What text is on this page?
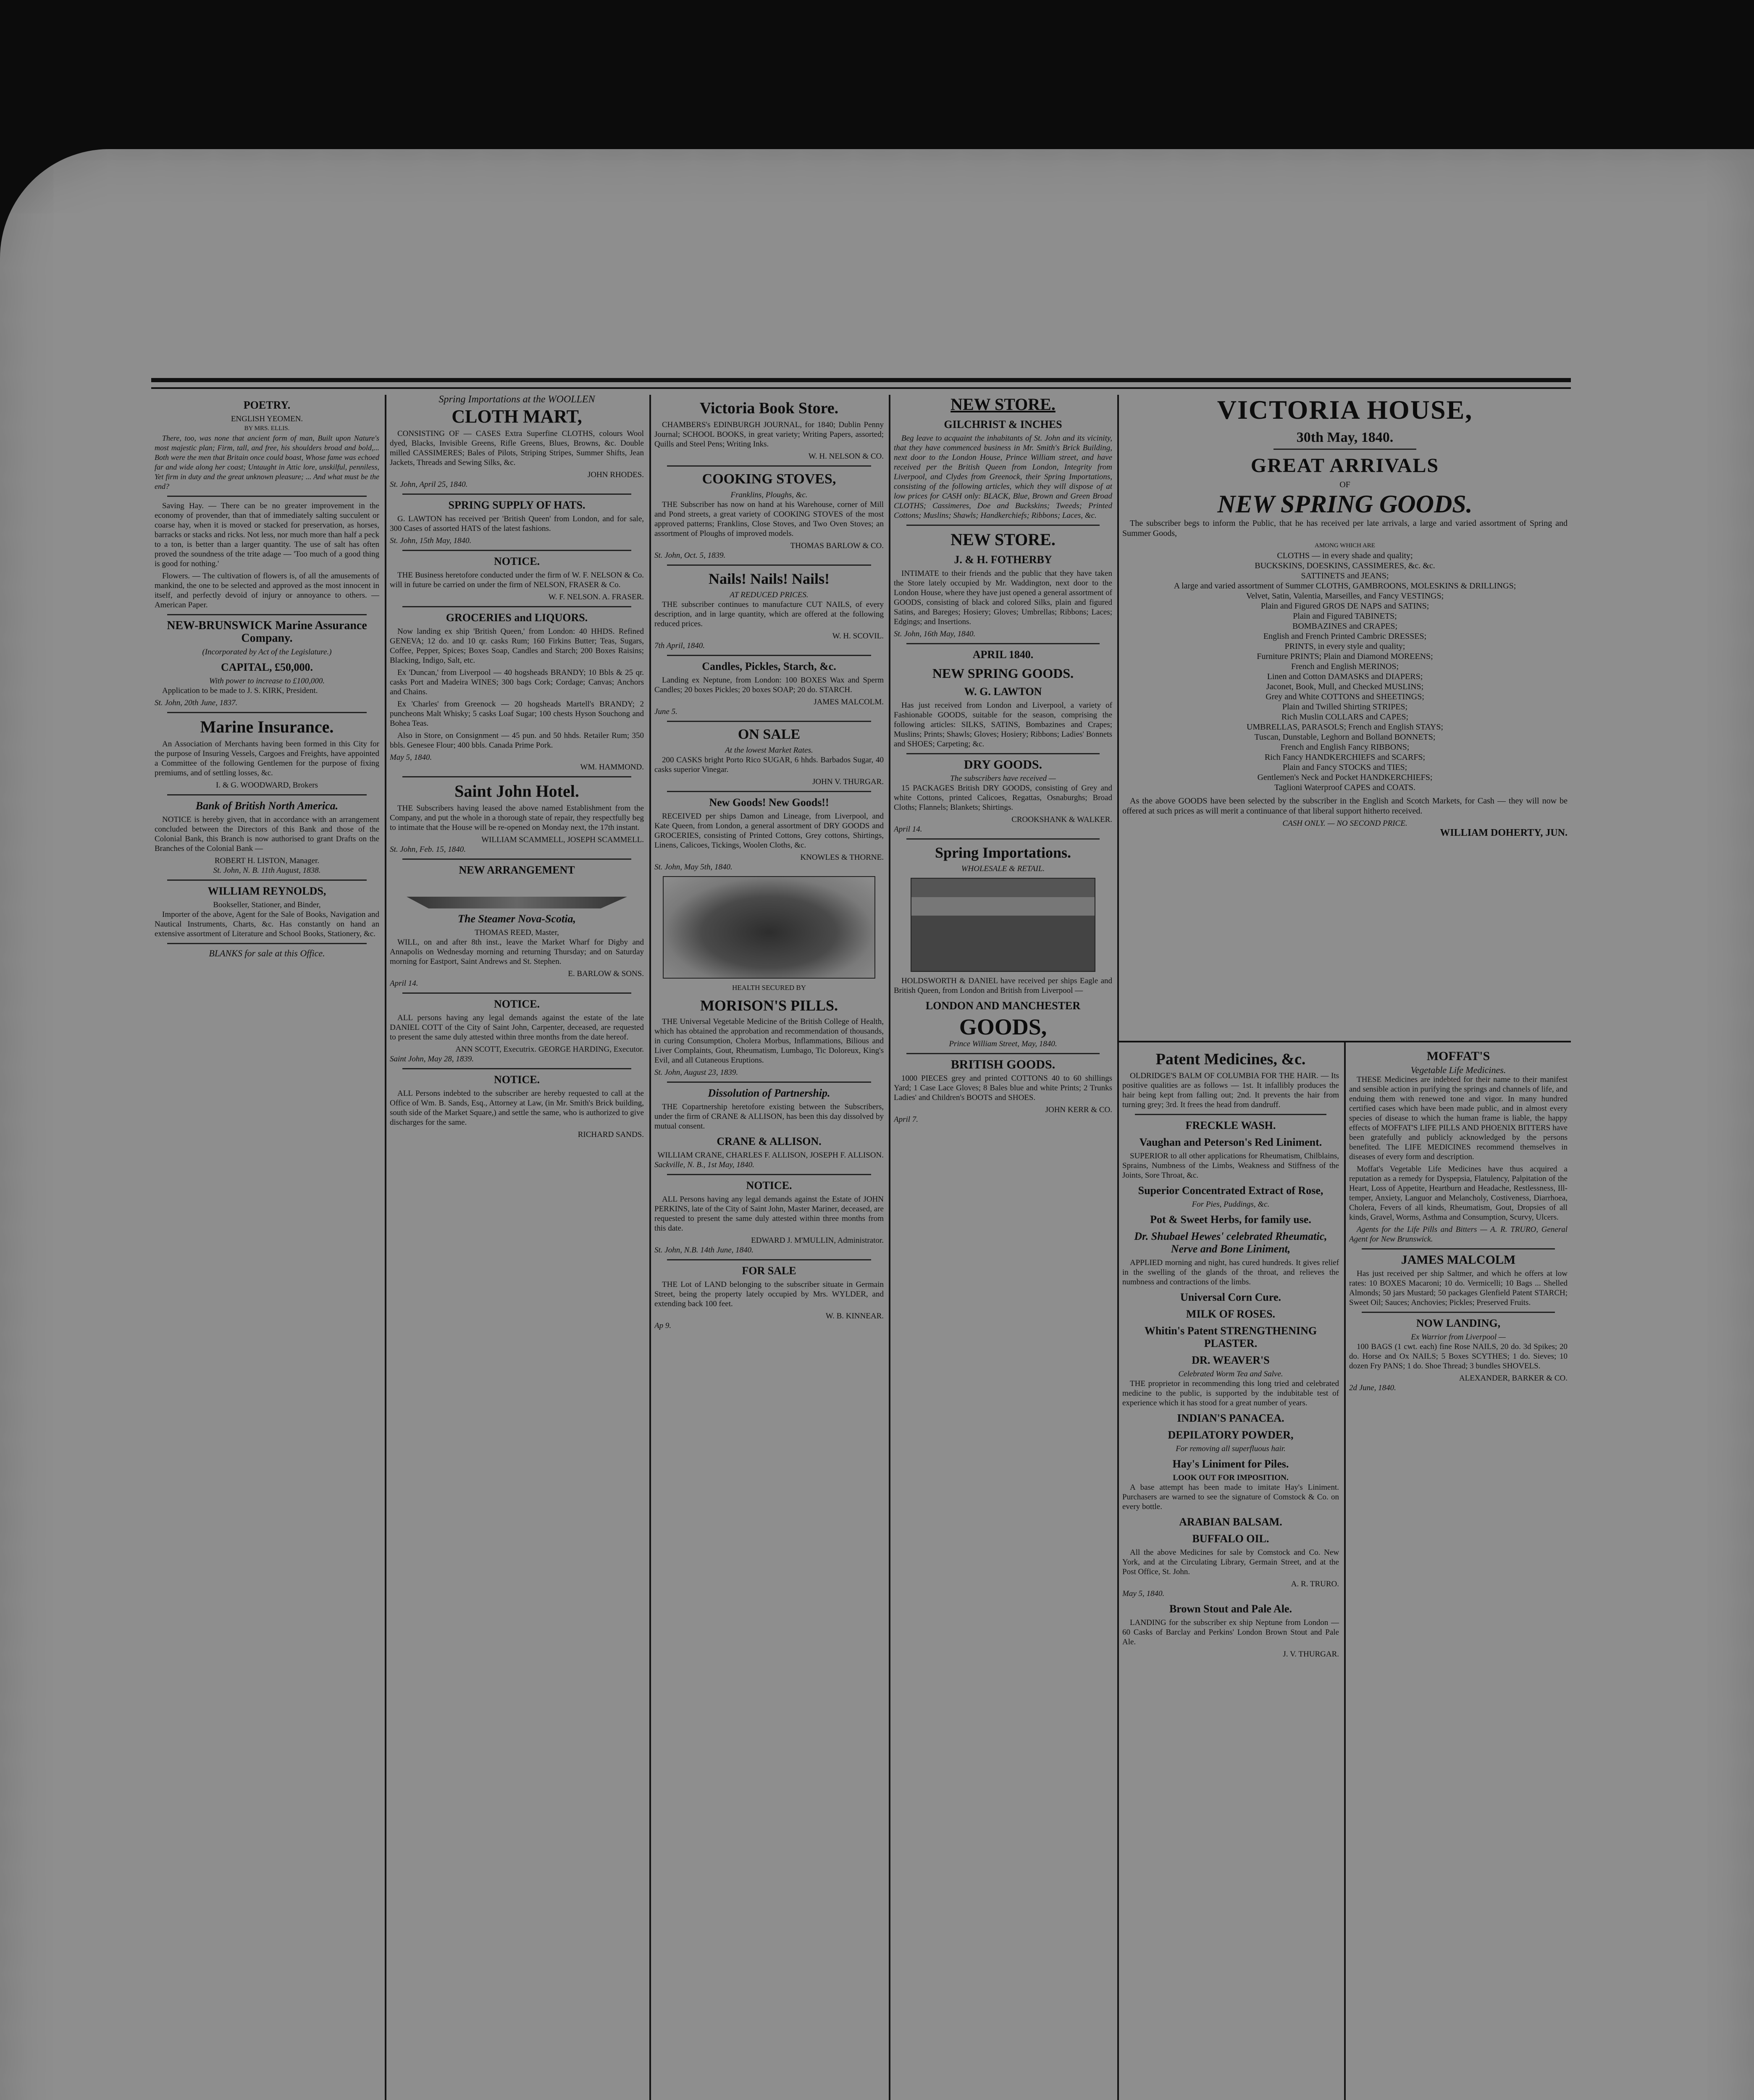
POETRY.
ENGLISH YEOMEN.
BY MRS. ELLIS.

There, too, was none that ancient form of man, Built upon Nature's most majestic plan; Firm, tall, and free, his shoulders broad and bold,... Both were the men that Britain once could boast, Whose fame was echoed far and wide along her coast; Untaught in Attic lore, unskilful, penniless, Yet firm in duty and the great unknown pleasure; ... And what must be the end?

Saving Hay. — There can be no greater improvement in the economy of provender, than that of immediately salting succulent or coarse hay, when it is moved or stacked for preservation, as horses, barracks or stacks and ricks. Not less, nor much more than half a peck to a ton, is better than a larger quantity. The use of salt has often proved the soundness of the trite adage — 'Too much of a good thing is good for nothing.'

Flowers. — The cultivation of flowers is, of all the amusements of mankind, the one to be selected and approved as the most innocent in itself, and perfectly devoid of injury or annoyance to others. — American Paper.

NEW-BRUNSWICK Marine Assurance Company.
(Incorporated by Act of the Legislature.)
CAPITAL, £50,000.
With power to increase to £100,000.

Application to be made to J. S. KIRK, President.

St. John, 20th June, 1837.
Marine Insurance.

An Association of Merchants having been formed in this City for the purpose of Insuring Vessels, Cargoes and Freights, have appointed a Committee of the following Gentlemen for the purpose of fixing premiums, and of settling losses, &c.

I. & G. WOODWARD, Brokers
Bank of British North America.

NOTICE is hereby given, that in accordance with an arrangement concluded between the Directors of this Bank and those of the Colonial Bank, this Branch is now authorised to grant Drafts on the Branches of the Colonial Bank —

ROBERT H. LISTON, Manager.
St. John, N. B. 11th August, 1838.
WILLIAM REYNOLDS,
Bookseller, Stationer, and Binder,

Importer of the above, Agent for the Sale of Books, Navigation and Nautical Instruments, Charts, &c. Has constantly on hand an extensive assortment of Literature and School Books, Stationery, &c.

BLANKS for sale at this Office.
Spring Importations at the WOOLLEN
CLOTH MART,

CONSISTING OF — CASES Extra Superfine CLOTHS, colours Wool dyed, Blacks, Invisible Greens, Rifle Greens, Blues, Browns, &c. Double milled CASSIMERES; Bales of Pilots, Striping Stripes, Summer Shifts, Jean Jackets, Threads and Sewing Silks, &c.

JOHN RHODES.
St. John, April 25, 1840.
SPRING SUPPLY OF HATS.

G. LAWTON has received per 'British Queen' from London, and for sale, 300 Cases of assorted HATS of the latest fashions.

St. John, 15th May, 1840.
NOTICE.

THE Business heretofore conducted under the firm of W. F. NELSON & Co. will in future be carried on under the firm of NELSON, FRASER & Co.

W. F. NELSON. A. FRASER.
GROCERIES and LIQUORS.

Now landing ex ship 'British Queen,' from London: 40 HHDS. Refined GENEVA; 12 do. and 10 qr. casks Rum; 160 Firkins Butter; Teas, Sugars, Coffee, Pepper, Spices; Boxes Soap, Candles and Starch; 200 Boxes Raisins; Blacking, Indigo, Salt, etc.

Ex 'Duncan,' from Liverpool — 40 hogsheads BRANDY; 10 Bbls & 25 qr. casks Port and Madeira WINES; 300 bags Cork; Cordage; Canvas; Anchors and Chains.

Ex 'Charles' from Greenock — 20 hogsheads Martell's BRANDY; 2 puncheons Malt Whisky; 5 casks Loaf Sugar; 100 chests Hyson Souchong and Bohea Teas.

Also in Store, on Consignment — 45 pun. and 50 hhds. Retailer Rum; 350 bbls. Genesee Flour; 400 bbls. Canada Prime Pork.

May 5, 1840.
WM. HAMMOND.
Saint John Hotel.

THE Subscribers having leased the above named Establishment from the Company, and put the whole in a thorough state of repair, they respectfully beg to intimate that the House will be re-opened on Monday next, the 17th instant.

WILLIAM SCAMMELL, JOSEPH SCAMMELL.
St. John, Feb. 15, 1840.
NEW ARRANGEMENT
The Steamer Nova-Scotia,
THOMAS REED, Master,

WILL, on and after 8th inst., leave the Market Wharf for Digby and Annapolis on Wednesday morning and returning Thursday; and on Saturday morning for Eastport, Saint Andrews and St. Stephen.

E. BARLOW & SONS.
April 14.
NOTICE.

ALL persons having any legal demands against the estate of the late DANIEL COTT of the City of Saint John, Carpenter, deceased, are requested to present the same duly attested within three months from the date hereof.

ANN SCOTT, Executrix. GEORGE HARDING, Executor.
Saint John, May 28, 1839.
NOTICE.

ALL Persons indebted to the subscriber are hereby requested to call at the Office of Wm. B. Sands, Esq., Attorney at Law, (in Mr. Smith's Brick building, south side of the Market Square,) and settle the same, who is authorized to give discharges for the same.

RICHARD SANDS.
Victoria Book Store.

CHAMBERS's EDINBURGH JOURNAL, for 1840; Dublin Penny Journal; SCHOOL BOOKS, in great variety; Writing Papers, assorted; Quills and Steel Pens; Writing Inks.

W. H. NELSON & CO.
COOKING STOVES,
Franklins, Ploughs, &c.

THE Subscriber has now on hand at his Warehouse, corner of Mill and Pond streets, a great variety of COOKING STOVES of the most approved patterns; Franklins, Close Stoves, and Two Oven Stoves; an assortment of Ploughs of improved models.

THOMAS BARLOW & CO.
St. John, Oct. 5, 1839.
Nails! Nails! Nails!
AT REDUCED PRICES.

THE subscriber continues to manufacture CUT NAILS, of every description, and in large quantity, which are offered at the following reduced prices.

W. H. SCOVIL.
7th April, 1840.
Candles, Pickles, Starch, &c.

Landing ex Neptune, from London: 100 BOXES Wax and Sperm Candles; 20 boxes Pickles; 20 boxes SOAP; 20 do. STARCH.

JAMES MALCOLM.
June 5.
ON SALE
At the lowest Market Rates.

200 CASKS bright Porto Rico SUGAR, 6 hhds. Barbados Sugar, 40 casks superior Vinegar.

JOHN V. THURGAR.
New Goods! New Goods!!

RECEIVED per ships Damon and Lineage, from Liverpool, and Kate Queen, from London, a general assortment of DRY GOODS and GROCERIES, consisting of Printed Cottons, Grey cottons, Shirtings, Linens, Calicoes, Tickings, Woolen Cloths, &c.

KNOWLES & THORNE.
St. John, May 5th, 1840.
HEALTH SECURED BY
MORISON'S PILLS.

THE Universal Vegetable Medicine of the British College of Health, which has obtained the approbation and recommendation of thousands, in curing Consumption, Cholera Morbus, Inflammations, Bilious and Liver Complaints, Gout, Rheumatism, Lumbago, Tic Doloreux, King's Evil, and all Cutaneous Eruptions.

St. John, August 23, 1839.
Dissolution of Partnership.

THE Copartnership heretofore existing between the Subscribers, under the firm of CRANE & ALLISON, has been this day dissolved by mutual consent.

CRANE & ALLISON.
WILLIAM CRANE, CHARLES F. ALLISON, JOSEPH F. ALLISON.
Sackville, N. B., 1st May, 1840.
NOTICE.

ALL Persons having any legal demands against the Estate of JOHN PERKINS, late of the City of Saint John, Master Mariner, deceased, are requested to present the same duly attested within three months from this date.

EDWARD J. M'MULLIN, Administrator.
St. John, N.B. 14th June, 1840.
FOR SALE

THE Lot of LAND belonging to the subscriber situate in Germain Street, being the property lately occupied by Mrs. WYLDER, and extending back 100 feet.

W. B. KINNEAR.
Ap 9.
NEW STORE.
GILCHRIST & INCHES

Beg leave to acquaint the inhabitants of St. John and its vicinity, that they have commenced business in Mr. Smith's Brick Building, next door to the London House, Prince William street, and have received per the British Queen from London, Integrity from Liverpool, and Clydes from Greenock, their Spring Importations, consisting of the following articles, which they will dispose of at low prices for CASH only: BLACK, Blue, Brown and Green Broad CLOTHS; Cassimeres, Doe and Buckskins; Tweeds; Printed Cottons; Muslins; Shawls; Handkerchiefs; Ribbons; Laces, &c.

NEW STORE.
J. & H. FOTHERBY

INTIMATE to their friends and the public that they have taken the Store lately occupied by Mr. Waddington, next door to the London House, where they have just opened a general assortment of GOODS, consisting of black and colored Silks, plain and figured Satins, and Bareges; Hosiery; Gloves; Umbrellas; Ribbons; Laces; Edgings; and Insertions.

St. John, 16th May, 1840.
APRIL 1840.
NEW SPRING GOODS.
W. G. LAWTON

Has just received from London and Liverpool, a variety of Fashionable GOODS, suitable for the season, comprising the following articles: SILKS, SATINS, Bombazines and Crapes; Muslins; Prints; Shawls; Gloves; Hosiery; Ribbons; Ladies' Bonnets and SHOES; Carpeting; &c.

DRY GOODS.
The subscribers have received —

15 PACKAGES British DRY GOODS, consisting of Grey and white Cottons, printed Calicoes, Regattas, Osnaburghs; Broad Cloths; Flannels; Blankets; Shirtings.

CROOKSHANK & WALKER.
April 14.
Spring Importations.
WHOLESALE & RETAIL.

HOLDSWORTH & DANIEL have received per ships Eagle and British Queen, from London and British from Liverpool —

LONDON AND MANCHESTER
GOODS,
Prince William Street, May, 1840.
BRITISH GOODS.

1000 PIECES grey and printed COTTONS 40 to 60 shillings Yard; 1 Case Lace Gloves; 8 Bales blue and white Prints; 2 Trunks Ladies' and Children's BOOTS and SHOES.

JOHN KERR & CO.
April 7.
VICTORIA HOUSE,
30th May, 1840.
GREAT ARRIVALS
OF
NEW SPRING GOODS.

The subscriber begs to inform the Public, that he has received per late arrivals, a large and varied assortment of Spring and Summer Goods,

AMONG WHICH ARE
CLOTHS — in every shade and quality;
BUCKSKINS, DOESKINS, CASSIMERES, &c. &c.
SATTINETS and JEANS;
A large and varied assortment of Summer CLOTHS, GAMBROONS, MOLESKINS & DRILLINGS;
Velvet, Satin, Valentia, Marseilles, and Fancy VESTINGS;
Plain and Figured GROS DE NAPS and SATINS;
Plain and Figured TABINETS;
BOMBAZINES and CRAPES;
English and French Printed Cambric DRESSES;
PRINTS, in every style and quality;
Furniture PRINTS; Plain and Diamond MOREENS;
French and English MERINOS;
Linen and Cotton DAMASKS and DIAPERS;
Jaconet, Book, Mull, and Checked MUSLINS;
Grey and White COTTONS and SHEETINGS;
Plain and Twilled Shirting STRIPES;
Rich Muslin COLLARS and CAPES;
UMBRELLAS, PARASOLS; French and English STAYS;
Tuscan, Dunstable, Leghorn and Bolland BONNETS;
French and English Fancy RIBBONS;
Rich Fancy HANDKERCHIEFS and SCARFS;
Plain and Fancy STOCKS and TIES;
Gentlemen's Neck and Pocket HANDKERCHIEFS;
Taglioni Waterproof CAPES and COATS.

As the above GOODS have been selected by the subscriber in the English and Scotch Markets, for Cash — they will now be offered at such prices as will merit a continuance of that liberal support hitherto received.

CASH ONLY. — NO SECOND PRICE.
WILLIAM DOHERTY, JUN.
Patent Medicines, &c.

OLDRIDGE'S BALM OF COLUMBIA FOR THE HAIR. — Its positive qualities are as follows — 1st. It infallibly produces the hair being kept from falling out; 2nd. It prevents the hair from turning grey; 3rd. It frees the head from dandruff.

FRECKLE WASH.
Vaughan and Peterson's Red Liniment.

SUPERIOR to all other applications for Rheumatism, Chilblains, Sprains, Numbness of the Limbs, Weakness and Stiffness of the Joints, Sore Throat, &c.

Superior Concentrated Extract of Rose,
For Pies, Puddings, &c.
Pot & Sweet Herbs, for family use.
Dr. Shubael Hewes' celebrated Rheumatic, Nerve and Bone Liniment,

APPLIED morning and night, has cured hundreds. It gives relief in the swelling of the glands of the throat, and relieves the numbness and contractions of the limbs.

Universal Corn Cure.
MILK OF ROSES.
Whitin's Patent STRENGTHENING PLASTER.
DR. WEAVER'S
Celebrated Worm Tea and Salve.

THE proprietor in recommending this long tried and celebrated medicine to the public, is supported by the indubitable test of experience which it has stood for a great number of years.

INDIAN'S PANACEA.
DEPILATORY POWDER,
For removing all superfluous hair.
Hay's Liniment for Piles.
LOOK OUT FOR IMPOSITION.

A base attempt has been made to imitate Hay's Liniment. Purchasers are warned to see the signature of Comstock & Co. on every bottle.

ARABIAN BALSAM.
BUFFALO OIL.

All the above Medicines for sale by Comstock and Co. New York, and at the Circulating Library, Germain Street, and at the Post Office, St. John.

A. R. TRURO.
May 5, 1840.
Brown Stout and Pale Ale.

LANDING for the subscriber ex ship Neptune from London — 60 Casks of Barclay and Perkins' London Brown Stout and Pale Ale.

J. V. THURGAR.
MOFFAT'S
Vegetable Life Medicines.

THESE Medicines are indebted for their name to their manifest and sensible action in purifying the springs and channels of life, and enduing them with renewed tone and vigor. In many hundred certified cases which have been made public, and in almost every species of disease to which the human frame is liable, the happy effects of MOFFAT'S LIFE PILLS AND PHOENIX BITTERS have been gratefully and publicly acknowledged by the persons benefited. The LIFE MEDICINES recommend themselves in diseases of every form and description.

Moffat's Vegetable Life Medicines have thus acquired a reputation as a remedy for Dyspepsia, Flatulency, Palpitation of the Heart, Loss of Appetite, Heartburn and Headache, Restlessness, Ill-temper, Anxiety, Languor and Melancholy, Costiveness, Diarrhoea, Cholera, Fevers of all kinds, Rheumatism, Gout, Dropsies of all kinds, Gravel, Worms, Asthma and Consumption, Scurvy, Ulcers.

Agents for the Life Pills and Bitters — A. R. TRURO, General Agent for New Brunswick.

JAMES MALCOLM

Has just received per ship Saltmer, and which he offers at low rates: 10 BOXES Macaroni; 10 do. Vermicelli; 10 Bags ... Shelled Almonds; 50 jars Mustard; 50 packages Glenfield Patent STARCH; Sweet Oil; Sauces; Anchovies; Pickles; Preserved Fruits.

NOW LANDING,
Ex Warrior from Liverpool —

100 BAGS (1 cwt. each) fine Rose NAILS, 20 do. 3d Spikes; 20 do. Horse and Ox NAILS; 5 Boxes SCYTHES; 1 do. Sieves; 10 dozen Fry PANS; 1 do. Shoe Thread; 3 bundles SHOVELS.

ALEXANDER, BARKER & CO.
2d June, 1840.
